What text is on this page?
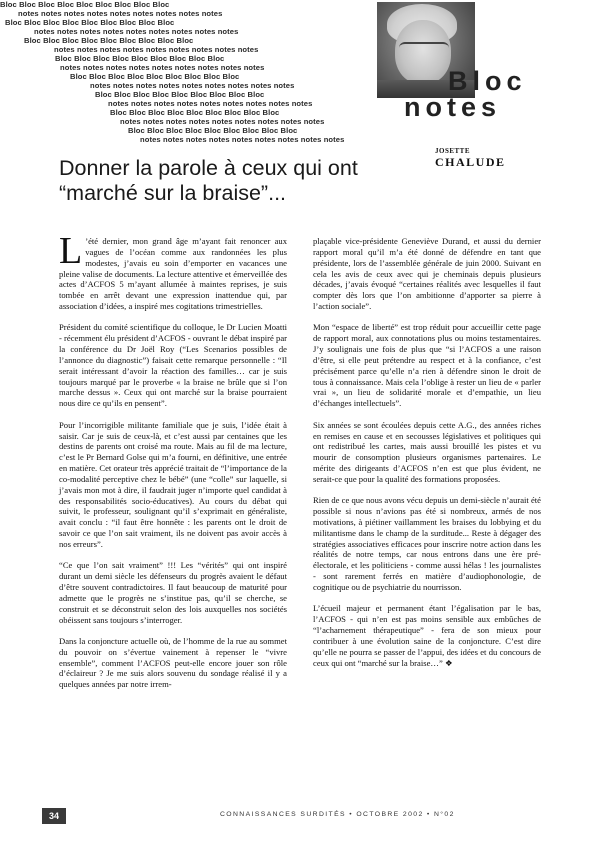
Bloc Bloc Bloc Bloc Bloc Bloc Bloc Bloc Bloc
notes notes notes notes notes notes notes notes notes
Bloc Bloc Bloc Bloc Bloc Bloc Bloc Bloc Bloc
notes notes notes notes notes notes notes notes notes
Bloc Bloc Bloc Bloc Bloc Bloc Bloc Bloc Bloc
notes notes notes notes notes notes notes notes notes
Bloc Bloc Bloc Bloc Bloc Bloc Bloc Bloc Bloc
notes notes notes notes notes notes notes notes notes
Bloc Bloc Bloc Bloc Bloc Bloc Bloc Bloc Bloc
notes notes notes notes notes notes notes notes notes
Bloc Bloc Bloc Bloc Bloc Bloc Bloc Bloc Bloc
notes notes notes notes notes notes notes notes notes
Bloc Bloc Bloc Bloc Bloc Bloc Bloc Bloc Bloc
notes notes notes notes notes notes notes notes notes
Bloc Bloc Bloc Bloc Bloc Bloc Bloc Bloc Bloc
notes notes notes notes notes notes notes notes notes
Bloc
notes
JOSETTE
CHALUDE
Donner la parole à ceux qui ont “marché sur la braise”...

L ’été dernier, mon grand âge m’ayant fait renoncer aux vagues de l’océan comme aux randonnées les plus modestes, j’avais eu soin d’emporter en vacances une pleine valise de documents. La lecture attentive et émerveillée des actes d’ACFOS 5 m’ayant allumée à maintes reprises, je suis tombée en arrêt devant une expression inattendue qui, par association d’idées, a inspiré mes cogitations trimestrielles.

Président du comité scientifique du colloque, le Dr Lucien Moatti - récemment élu président d’ACFOS - ouvrant le débat inspiré par la conférence du Dr Joël Roy (“Les Scenarios possibles de l’annonce du diagnostic”) faisait cette remarque personnelle : “Il serait intéressant d’avoir la réaction des familles… car je suis toujours marqué par le proverbe « la braise ne brûle que si l’on marche dessus ». Ceux qui ont marché sur la braise pourraient nous dire ce qu’ils en pensent”.

Pour l’incorrigible militante familiale que je suis, l’idée était à saisir. Car je suis de ceux-là, et c’est aussi par centaines que les destins de parents ont croisé ma route. Mais au fil de ma lecture, c’est le Pr Bernard Golse qui m’a fourni, en définitive, une entrée en matière. Cet orateur très apprécié traitait de “l’importance de la co-modalité perceptive chez le bébé” (une “colle” sur laquelle, si j’avais mon mot à dire, il faudrait juger n’importe quel candidat à des responsabilités socio-éducatives). Au cours du débat qui suivit, le professeur, soulignant qu’il s’exprimait en généraliste, avait conclu : “il faut être honnête : les parents ont le droit de savoir ce que l’on sait vraiment, ils ne doivent pas avoir accès à nos erreurs”.

“Ce que l’on sait vraiment” !!! Les “vérités” qui ont inspiré durant un demi siècle les défenseurs du progrès avaient le défaut d’être souvent contradictoires. Il faut beaucoup de maturité pour admette que le progrès ne s’institue pas, qu’il se cherche, se construit et se déconstruit selon des lois auxquelles nos sociétés obéissent sans toujours s’interroger.

Dans la conjoncture actuelle où, de l’homme de la rue au sommet du pouvoir on s’évertue vainement à repenser le “vivre ensemble”, comment l’ACFOS peut-elle encore jouer son rôle d’éclaireur ? Je me suis alors souvenu du sondage réalisé il y a quelques années par notre irrem-

plaçable vice-présidente Geneviève Durand, et aussi du dernier rapport moral qu’il m’a été donné de défendre en tant que présidente, lors de l’assemblée générale de juin 2000. Suivant en cela les avis de ceux avec qui je cheminais depuis plusieurs décades, j’avais évoqué “certaines réalités avec lesquelles il faut compter dès lors que l’on ambitionne d’apporter sa pierre à l’action sociale”.

Mon “espace de liberté” est trop réduit pour accueillir cette page de rapport moral, aux connotations plus ou moins testamentaires. J’y soulignais une fois de plus que “si l’ACFOS a une raison d’être, si elle peut prétendre au respect et à la confiance, c’est précisément parce qu’elle n’a rien à défendre sinon le droit de tous à connaissance. Mais cela l’oblige à rester un lieu de « parler vrai », un lieu de solidarité morale et d’empathie, un lieu d’échanges intellectuels”.

Six années se sont écoulées depuis cette A.G., des années riches en remises en cause et en secousses législatives et politiques qui ont redistribué les cartes, mais aussi brouillé les pistes et vu mourir de consomption plusieurs organismes partenaires. Le mérite des dirigeants d’ACFOS n’en est que plus évident, ne serait-ce que pour la qualité des formations proposées.

Rien de ce que nous avons vécu depuis un demi-siècle n’aurait été possible si nous n’avions pas été si nombreux, armés de nos motivations, à piétiner vaillamment les braises du lobbying et du militantisme dans le champ de la surditude... Reste à dégager des stratégies associatives efficaces pour inscrire notre action dans les réalités de notre temps, car nous entrons dans une ère pré-électorale, et les politiciens - comme aussi hélas ! les journalistes - sont rarement ferrés en matière d’audiophonologie, de cognitique ou de psychiatrie du nourrisson.

L’écueil majeur et permanent étant l’égalisation par le bas, l’ACFOS - qui n’en est pas moins sensible aux embûches de “l’acharnement thérapeutique” - fera de son mieux pour contribuer à une évolution saine de la conjoncture. C’est dire qu’elle ne pourra se passer de l’appui, des idées et du concours de ceux qui ont “marché sur la braise…” ❖

34	CONNAISSANCES SURDITÉS • OCTOBRE 2002 • N°02
